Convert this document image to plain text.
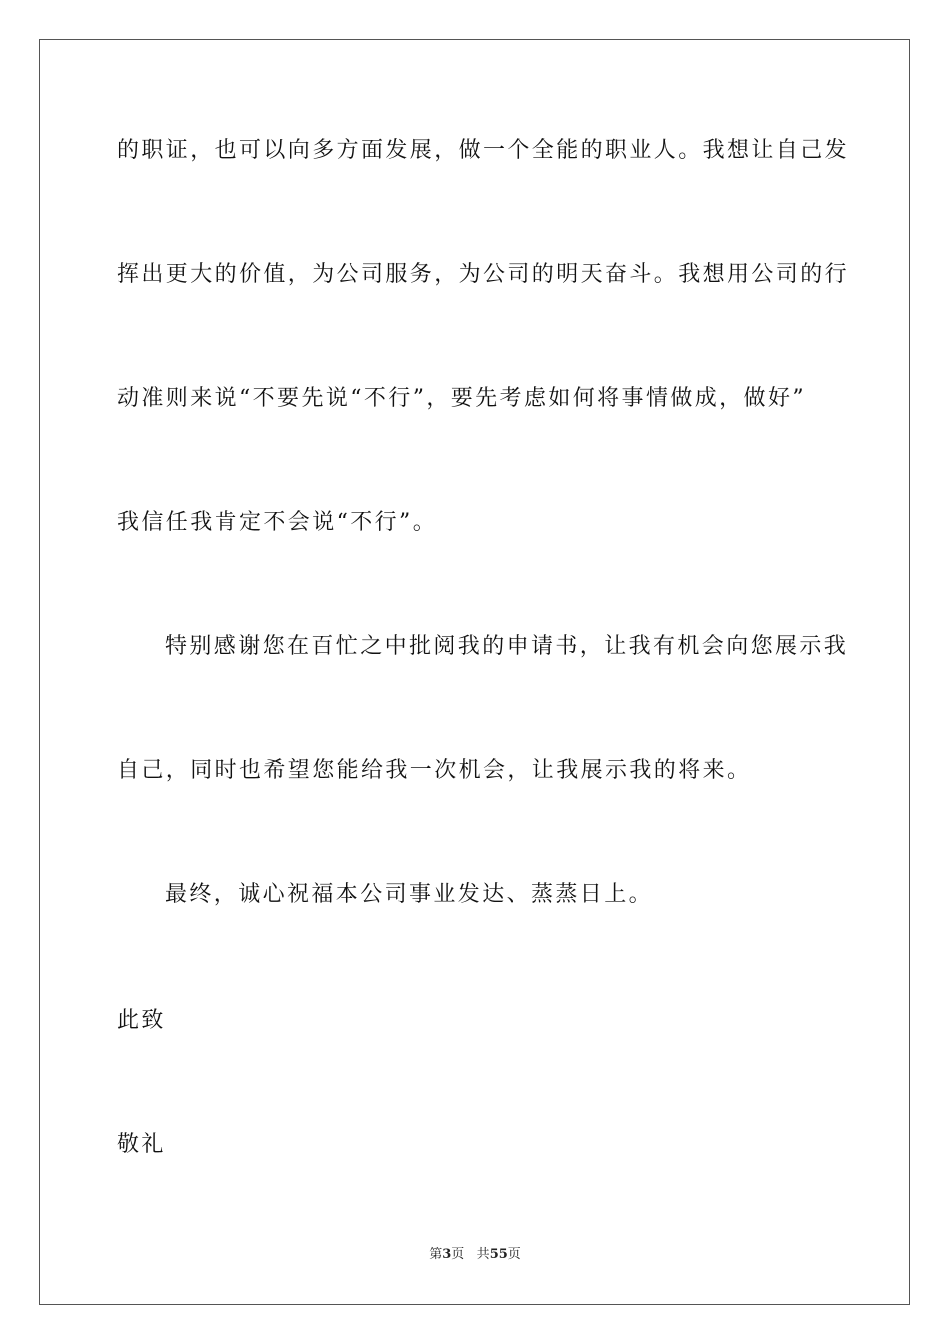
的职证，也可以向多方面发展，做一个全能的职业人。我想让自己发
挥出更大的价值，为公司服务，为公司的明天奋斗。我想用公司的行
动准则来说“不要先说“不行”，要先考虑如何将事情做成，做好”
我信任我肯定不会说“不行”。
特别感谢您在百忙之中批阅我的申请书，让我有机会向您展示我
自己，同时也希望您能给我一次机会，让我展示我的将来。
最终，诚心祝福本公司事业发达、蒸蒸日上。
此致
敬礼
第3页 共55页
